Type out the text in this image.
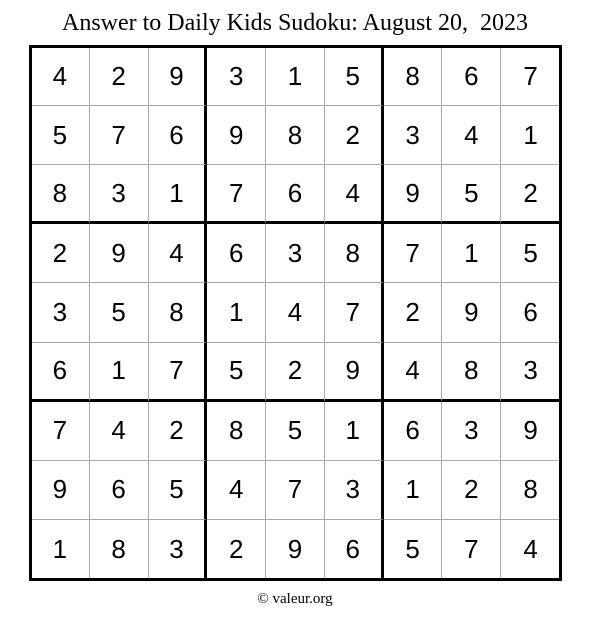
Answer to Daily Kids Sudoku: August 20,  2023
4	2	9	3	1	5	8	6	7
5	7	6	9	8	2	3	4	1
8	3	1	7	6	4	9	5	2
2	9	4	6	3	8	7	1	5
3	5	8	1	4	7	2	9	6
6	1	7	5	2	9	4	8	3
7	4	2	8	5	1	6	3	9
9	6	5	4	7	3	1	2	8
1	8	3	2	9	6	5	7	4
© valeur.org
